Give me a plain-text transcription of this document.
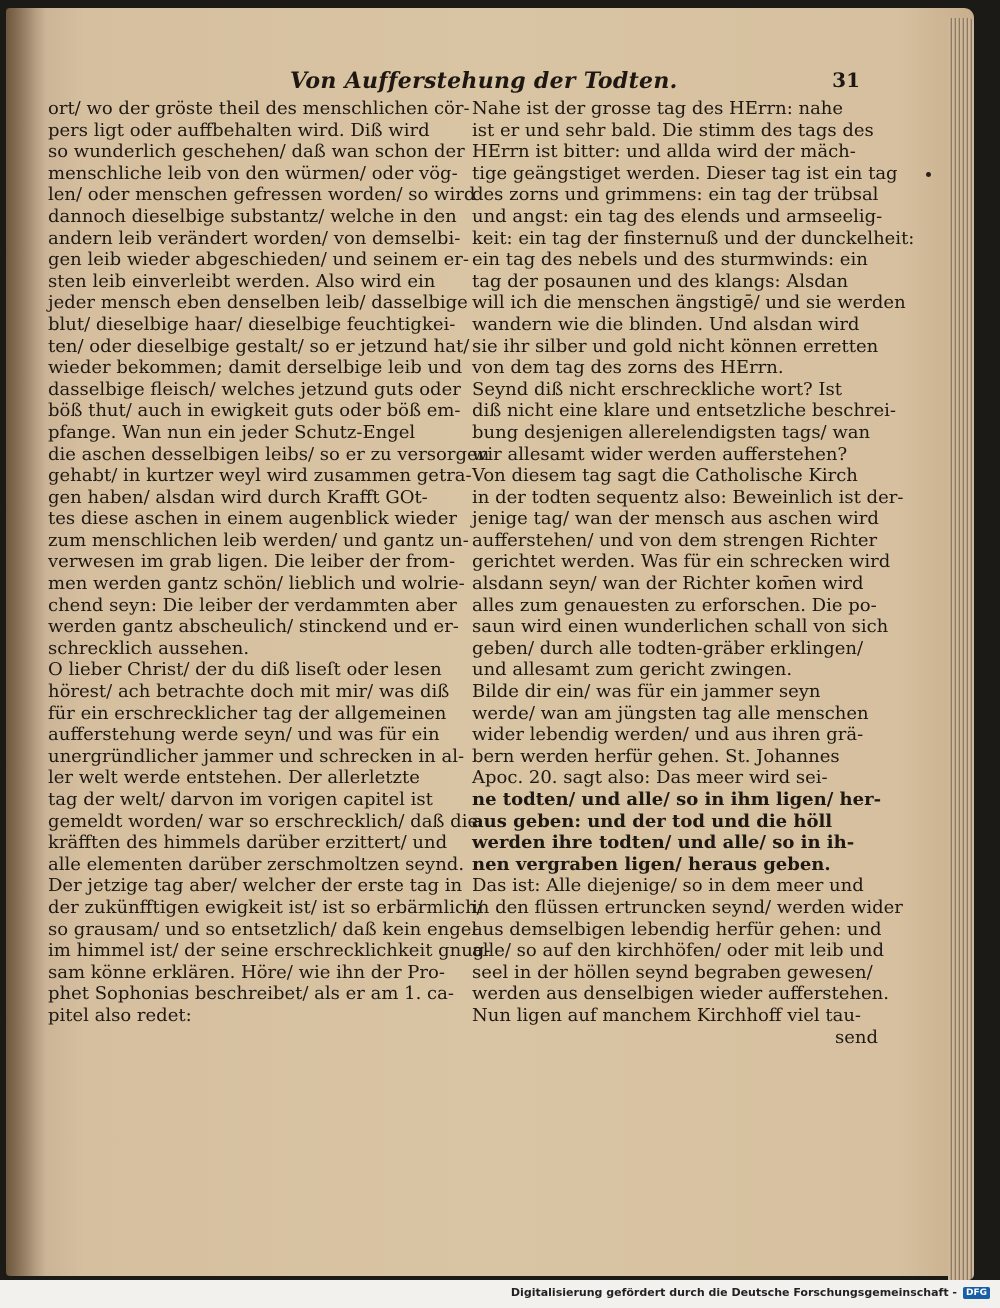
Von Aufferstehung der Todten.	31
ort/ wo der gröste theil des menschlichen cör-
pers ligt oder auffbehalten wird. Diß wird
so wunderlich geschehen/ daß wan schon der
menschliche leib von den würmen/ oder vög-
len/ oder menschen gefressen worden/ so wird
dannoch dieselbige substantz/ welche in den
andern leib verändert worden/ von demselbi-
gen leib wieder abgeschieden/ und seinem er-
sten leib einverleibt werden. Also wird ein
jeder mensch eben denselben leib/ dasselbige
blut/ dieselbige haar/ dieselbige feuchtigkei-
ten/ oder dieselbige gestalt/ so er jetzund hat/
wieder bekommen; damit derselbige leib und
dasselbige fleisch/ welches jetzund guts oder
böß thut/ auch in ewigkeit guts oder böß em-
pfange. Wan nun ein jeder Schutz-Engel
die aschen desselbigen leibs/ so er zu versorgen
gehabt/ in kurtzer weyl wird zusammen getra-
gen haben/ alsdan wird durch Krafft GOt-
tes diese aschen in einem augenblick wieder
zum menschlichen leib werden/ und gantz un-
verwesen im grab ligen. Die leiber der from-
men werden gantz schön/ lieblich und wolrie-
chend seyn: Die leiber der verdammten aber
werden gantz abscheulich/ stinckend und er-
schrecklich aussehen.
O lieber Christ/ der du diß liseſt oder lesen
hörest/ ach betrachte doch mit mir/ was diß
für ein erschrecklicher tag der allgemeinen
aufferstehung werde seyn/ und was für ein
unergründlicher jammer und schrecken in al-
ler welt werde entstehen. Der allerletzte
tag der welt/ darvon im vorigen capitel ist
gemeldt worden/ war so erschrecklich/ daß die
kräfften des himmels darüber erzittert/ und
alle elementen darüber zerschmoltzen seynd.
Der jetzige tag aber/ welcher der erste tag in
der zukünfftigen ewigkeit ist/ ist so erbärmlich/
so grausam/ und so entsetzlich/ daß kein engel
im himmel ist/ der seine erschrecklichkeit gnug-
sam könne erklären. Höre/ wie ihn der Pro-
phet Sophonias beschreibet/ als er am 1. ca-
pitel also redet:
Nahe ist der grosse tag des HErrn: nahe
ist er und sehr bald. Die stimm des tags des
HErrn ist bitter: und allda wird der mäch-
tige geängstiget werden. Dieser tag ist ein tag
des zorns und grimmens: ein tag der trübsal
und angst: ein tag des elends und armseelig-
keit: ein tag der finsternuß und der dunckelheit:
ein tag des nebels und des sturmwinds: ein
tag der posaunen und des klangs: Alsdan
will ich die menschen ängstigē/ und sie werden
wandern wie die blinden. Und alsdan wird
sie ihr silber und gold nicht können erretten
von dem tag des zorns des HErrn.
Seynd diß nicht erschreckliche wort? Ist
diß nicht eine klare und entsetzliche beschrei-
bung desjenigen allerelendigsten tags/ wan
wir allesamt wider werden aufferstehen?
Von diesem tag sagt die Catholische Kirch
in der todten sequentz also: Beweinlich ist der-
jenige tag/ wan der mensch aus aschen wird
aufferstehen/ und von dem strengen Richter
gerichtet werden. Was für ein schrecken wird
alsdann seyn/ wan der Richter kom̄en wird
alles zum genauesten zu erforschen. Die po-
saun wird einen wunderlichen schall von sich
geben/ durch alle todten-gräber erklingen/
und allesamt zum gericht zwingen.
Bilde dir ein/ was für ein jammer seyn
werde/ wan am jüngsten tag alle menschen
wider lebendig werden/ und aus ihren grä-
bern werden herfür gehen. St. Johannes
Apoc. 20. sagt also: Das meer wird sei-
ne todten/ und alle/ so in ihm ligen/ her-
aus geben: und der tod und die höll
werden ihre todten/ und alle/ so in ih-
nen vergraben ligen/ heraus geben.
Das ist: Alle diejenige/ so in dem meer und
in den flüssen ertruncken seynd/ werden wider
aus demselbigen lebendig herfür gehen: und
alle/ so auf den kirchhöfen/ oder mit leib und
seel in der höllen seynd begraben gewesen/
werden aus denselbigen wieder aufferstehen.
Nun ligen auf manchem Kirchhoff viel tau-
send
Digitalisierung gefördert durch die Deutsche Forschungsgemeinschaft -	DFG
